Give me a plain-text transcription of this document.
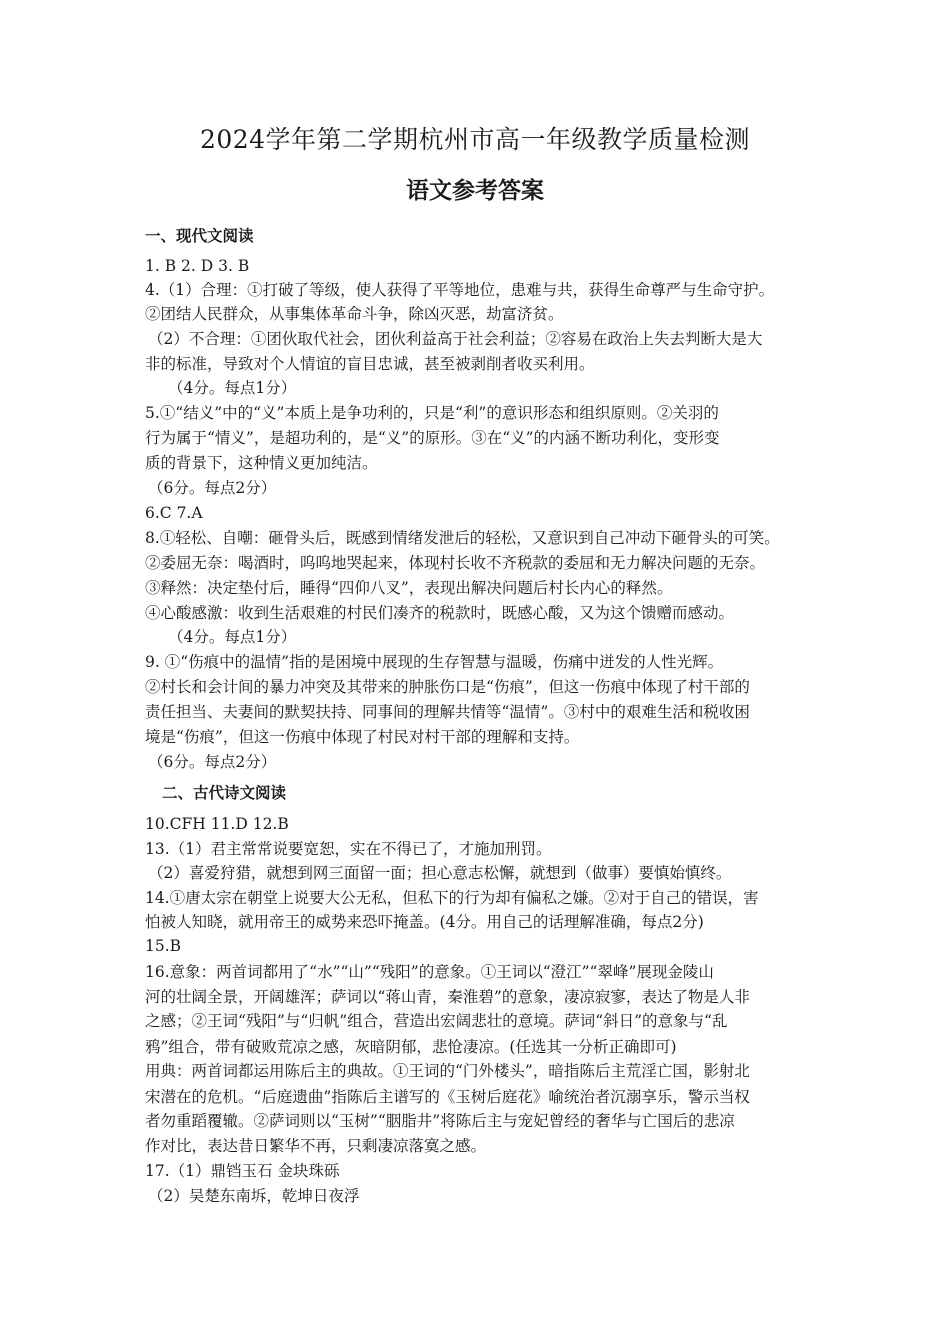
2024学年第二学期杭州市高一年级教学质量检测
语文参考答案
一、现代文阅读
1. B 2. D 3. B
4.（1）合理：①打破了等级，使人获得了平等地位，患难与共，获得生命尊严与生命守护。
②团结人民群众，从事集体革命斗争，除凶灭恶，劫富济贫。
（2）不合理：①团伙取代社会，团伙利益高于社会利益；②容易在政治上失去判断大是大
非的标准，导致对个人情谊的盲目忠诚，甚至被剥削者收买利用。
（4分。每点1分）
5.①“结义”中的“义”本质上是争功利的，只是“利”的意识形态和组织原则。②关羽的
行为属于“情义”，是超功利的，是“义”的原形。③在“义”的内涵不断功利化，变形变
质的背景下，这种情义更加纯洁。
（6分。每点2分）
6.C 7.A
8.①轻松、自嘲：砸骨头后，既感到情绪发泄后的轻松，又意识到自己冲动下砸骨头的可笑。
②委屈无奈：喝酒时，呜呜地哭起来，体现村长收不齐税款的委屈和无力解决问题的无奈。
③释然：决定垫付后，睡得“四仰八叉”，表现出解决问题后村长内心的释然。
④心酸感激：收到生活艰难的村民们凑齐的税款时，既感心酸，又为这个馈赠而感动。
（4分。每点1分）
9. ①“伤痕中的温情”指的是困境中展现的生存智慧与温暖，伤痛中迸发的人性光辉。
②村长和会计间的暴力冲突及其带来的肿胀伤口是“伤痕”，但这一伤痕中体现了村干部的
责任担当、夫妻间的默契扶持、同事间的理解共情等“温情”。③村中的艰难生活和税收困
境是“伤痕”，但这一伤痕中体现了村民对村干部的理解和支持。
（6分。每点2分）
二、古代诗文阅读
10.CFH 11.D 12.B
13.（1）君主常常说要宽恕，实在不得已了，才施加刑罚。
（2）喜爱狩猎，就想到网三面留一面；担心意志松懈，就想到（做事）要慎始慎终。
14.①唐太宗在朝堂上说要大公无私，但私下的行为却有偏私之嫌。②对于自己的错误，害
怕被人知晓，就用帝王的威势来恐吓掩盖。(4分。用自己的话理解准确，每点2分)
15.B
16.意象：两首词都用了“水”“山”“残阳”的意象。①王词以“澄江”“翠峰”展现金陵山
河的壮阔全景，开阔雄浑；萨词以“蒋山青，秦淮碧”的意象，凄凉寂寥，表达了物是人非
之感；②王词“残阳”与“归帆”组合，营造出宏阔悲壮的意境。萨词“斜日”的意象与“乱
鸦”组合，带有破败荒凉之感，灰暗阴郁，悲怆凄凉。(任选其一分析正确即可)
用典：两首词都运用陈后主的典故。①王词的“门外楼头”，暗指陈后主荒淫亡国，影射北
宋潜在的危机。“后庭遗曲”指陈后主谱写的《玉树后庭花》喻统治者沉溺享乐，警示当权
者勿重蹈覆辙。②萨词则以“玉树”“胭脂井”将陈后主与宠妃曾经的奢华与亡国后的悲凉
作对比，表达昔日繁华不再，只剩凄凉落寞之感。
17.（1）鼎铛玉石 金块珠砾
（2）吴楚东南坼，乾坤日夜浮
